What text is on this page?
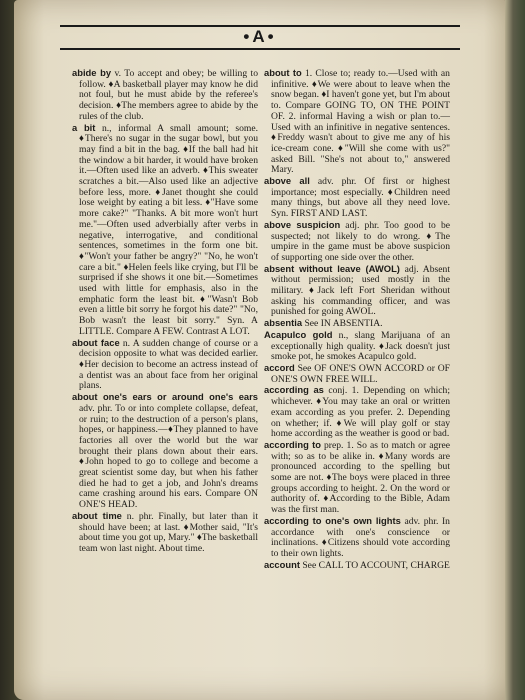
•A•

abide by v. To accept and obey; be willing to follow. ♦A basketball player may know he did not foul, but he must abide by the referee's decision. ♦The members agree to abide by the rules of the club.

a bit n., informal A small amount; some. ♦There's no sugar in the sugar bowl, but you may find a bit in the bag. ♦If the ball had hit the window a bit harder, it would have broken it.—Often used like an adverb. ♦This sweater scratches a bit.—Also used like an adjective before less, more. ♦Janet thought she could lose weight by eating a bit less. ♦"Have some more cake?" "Thanks. A bit more won't hurt me."—Often used adverbially after verbs in negative, interrogative, and conditional sentences, sometimes in the form one bit. ♦"Won't your father be angry?" "No, he won't care a bit." ♦Helen feels like crying, but I'll be surprised if she shows it one bit.—Sometimes used with little for emphasis, also in the emphatic form the least bit. ♦"Wasn't Bob even a little bit sorry he forgot his date?" "No, Bob wasn't the least bit sorry." Syn. A LITTLE. Compare A FEW. Contrast A LOT.

about face n. A sudden change of course or a decision opposite to what was decided earlier. ♦Her decision to become an actress instead of a dentist was an about face from her original plans.

about one's ears or around one's ears adv. phr. To or into complete collapse, defeat, or ruin; to the destruction of a person's plans, hopes, or happiness.—♦They planned to have factories all over the world but the war brought their plans down about their ears. ♦John hoped to go to college and become a great scientist some day, but when his father died he had to get a job, and John's dreams came crashing around his ears. Compare ON ONE'S HEAD.

about time n. phr. Finally, but later than it should have been; at last. ♦Mother said, "It's about time you got up, Mary." ♦The basketball team won last night. About time.

about to 1. Close to; ready to.—Used with an infinitive. ♦We were about to leave when the snow began. ♦I haven't gone yet, but I'm about to. Compare GOING TO, ON THE POINT OF. 2. informal Having a wish or plan to.—Used with an infinitive in negative sentences. ♦Freddy wasn't about to give me any of his ice-cream cone. ♦"Will she come with us?" asked Bill. "She's not about to," answered Mary.

above all adv. phr. Of first or highest importance; most especially. ♦Children need many things, but above all they need love. Syn. FIRST AND LAST.

above suspicion adj. phr. Too good to be suspected; not likely to do wrong. ♦The umpire in the game must be above suspicion of supporting one side over the other.

absent without leave (AWOL) adj. Absent without permission; used mostly in the military. ♦Jack left Fort Sheridan without asking his commanding officer, and was punished for going AWOL.

absentia See IN ABSENTIA.

Acapulco gold n., slang Marijuana of an exceptionally high quality. ♦Jack doesn't just smoke pot, he smokes Acapulco gold.

accord See OF ONE'S OWN ACCORD or OF ONE'S OWN FREE WILL.

according as conj. 1. Depending on which; whichever. ♦You may take an oral or written exam according as you prefer. 2. Depending on whether; if. ♦We will play golf or stay home according as the weather is good or bad.

according to prep. 1. So as to match or agree with; so as to be alike in. ♦Many words are pronounced according to the spelling but some are not. ♦The boys were placed in three groups according to height. 2. On the word or authority of. ♦According to the Bible, Adam was the first man.

according to one's own lights adv. phr. In accordance with one's conscience or inclinations. ♦Citizens should vote according to their own lights.

account See CALL TO ACCOUNT, CHARGE
